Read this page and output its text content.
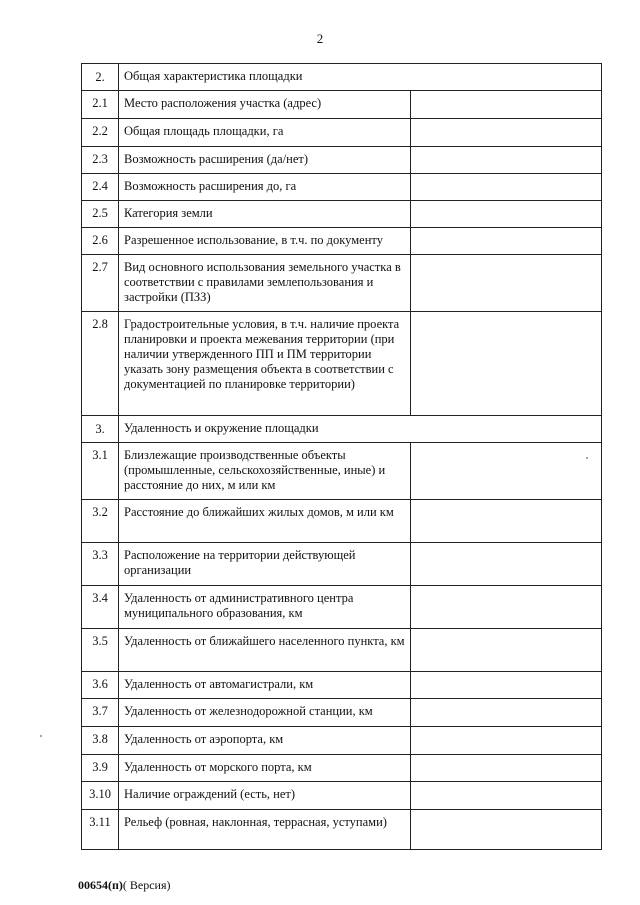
2
2.	Общая характеристика площадки	
2.1	Место расположения участка (адрес)	
2.2	Общая площадь площадки, га	
2.3	Возможность расширения (да/нет)	
2.4	Возможность расширения до, га	
2.5	Категория земли	
2.6	Разрешенное использование, в т.ч. по документу	
2.7	Вид основного использования земельного участка в соответствии с правилами землепользования и застройки (ПЗЗ)	
2.8	Градостроительные условия, в т.ч. наличие проекта планировки и проекта межевания территории (при наличии утвержденного ПП и ПМ территории указать зону размещения объекта в соответствии с документацией по планировке территории)	
3.	Удаленность и окружение площадки	
3.1	Близлежащие производственные объекты (промышленные, сельскохозяйственные, иные) и расстояние до них, м или км	
3.2	Расстояние до ближайших жилых домов, м или км	
3.3	Расположение на территории действующей организации	
3.4	Удаленность от административного центра муниципального образования, км	
3.5	Удаленность от ближайшего населенного пункта, км	
3.6	Удаленность от автомагистрали, км	
3.7	Удаленность от железнодорожной станции, км	
3.8	Удаленность от аэропорта, км	
3.9	Удаленность от морского порта, км	
3.10	Наличие ограждений (есть, нет)	
3.11	Рельеф (ровная, наклонная, террасная, уступами)	
00654(п)( Версия)
